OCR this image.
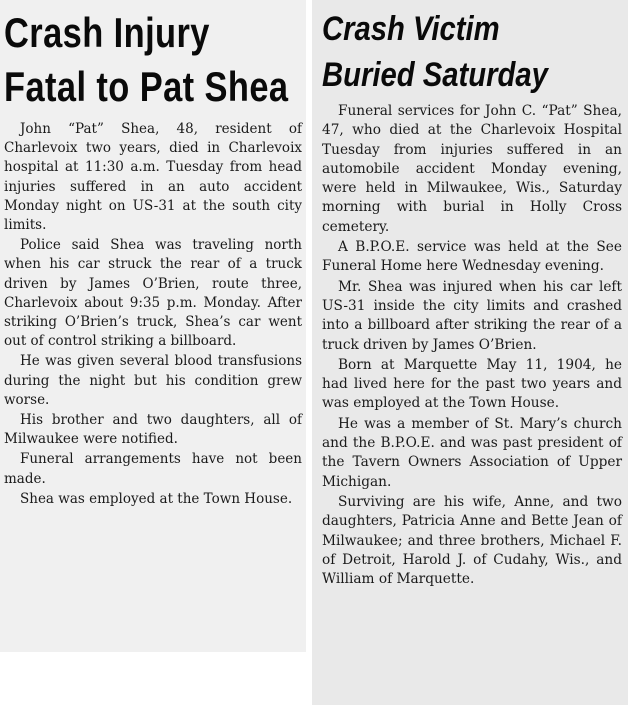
Crash Injury Fatal to Pat Shea

John “Pat” Shea, 48, resident of Charlevoix two years, died in Charlevoix hospital at 11:30 a.m. Tuesday from head injuries suffered in an auto accident Monday night on US-31 at the south city limits.

Police said Shea was traveling north when his car struck the rear of a truck driven by James O’Brien, route three, Charlevoix about 9:35 p.m. Monday. After striking O’Brien’s truck, Shea’s car went out of control striking a billboard.

He was given several blood transfusions during the night but his condition grew worse.

His brother and two daughters, all of Milwaukee were notified.

Funeral arrangements have not been made.

Shea was employed at the Town House.

Crash Victim
Buried Saturday

Funeral services for John C. “Pat” Shea, 47, who died at the Charlevoix Hospital Tuesday from injuries suffered in an automobile accident Monday evening, were held in Milwaukee, Wis., Saturday morning with burial in Holly Cross cemetery.

A B.P.O.E. service was held at the See Funeral Home here Wednesday evening.

Mr. Shea was injured when his car left US-31 inside the city limits and crashed into a billboard after striking the rear of a truck driven by James O’Brien.

Born at Marquette May 11, 1904, he had lived here for the past two years and was employed at the Town House.

He was a member of St. Mary’s church and the B.P.O.E. and was past president of the Tavern Owners Association of Upper Michigan.

Surviving are his wife, Anne, and two daughters, Patricia Anne and Bette Jean of Milwaukee; and three brothers, Michael F. of Detroit, Harold J. of Cudahy, Wis., and William of Marquette.
